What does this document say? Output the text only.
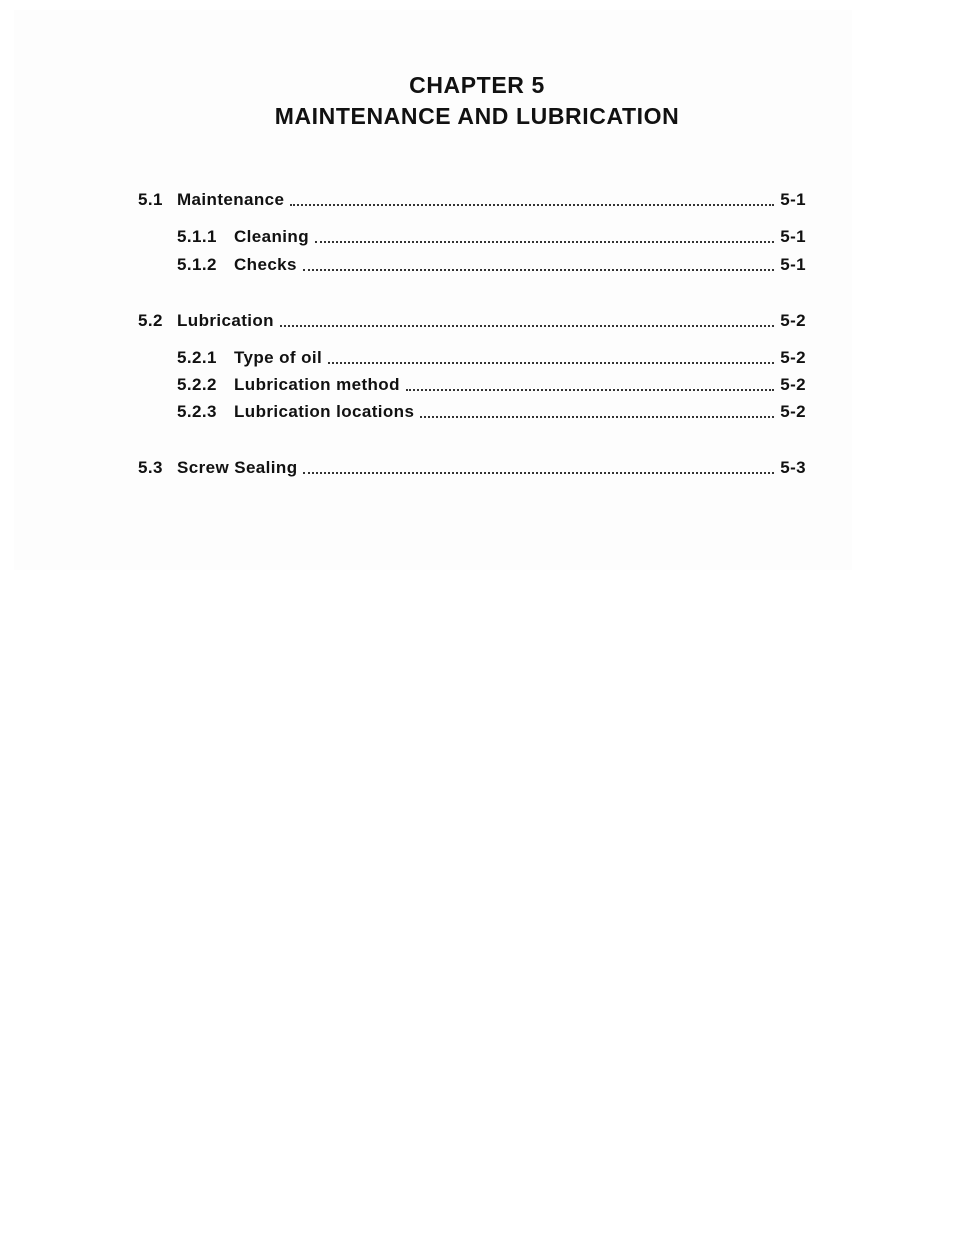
CHAPTER 5
MAINTENANCE AND LUBRICATION
5.1 Maintenance	5-1
5.1.1	Cleaning	5-1
5.1.2	Checks	5-1
5.2 Lubrication	5-2
5.2.1	Type of oil	5-2
5.2.2	Lubrication method	5-2
5.2.3	Lubrication locations	5-2
5.3 Screw Sealing	5-3
